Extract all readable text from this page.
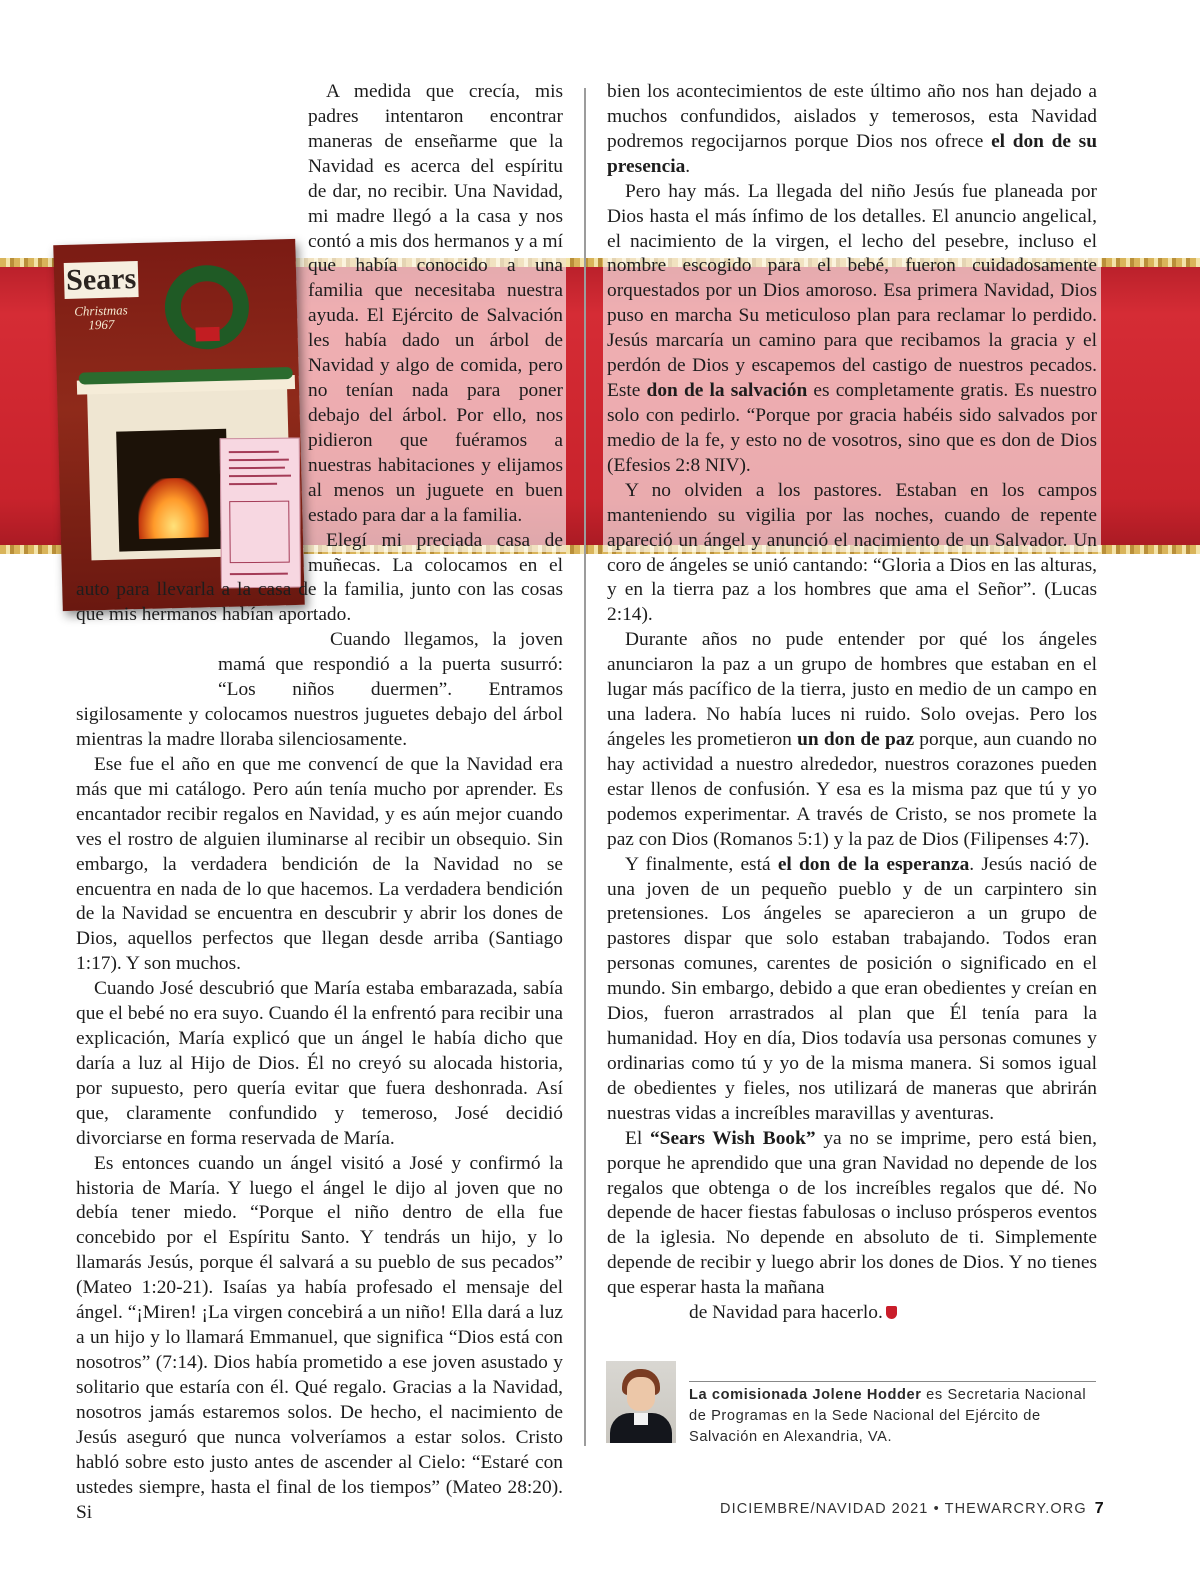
Sears
Christmas 1967

A medida que crecía, mis padres intentaron encontrar maneras de enseñarme que la Navidad es acerca del espíritu de dar, no recibir. Una Navidad, mi madre llegó a la casa y nos contó a mis dos hermanos y a mí que había conocido a una familia que necesitaba nuestra ayuda. El Ejército de Salvación les había dado un árbol de Navidad y algo de comida, pero no tenían nada para poner debajo del árbol. Por ello, nos pidieron que fuéramos a nuestras habitaciones y elijamos al menos un juguete en buen estado para dar a la familia.

Elegí mi preciada casa de muñecas. La colocamos en el auto para llevarla a la casa de la familia, junto con las cosas que mis hermanos habían aportado.

Cuando llegamos, la joven mamá que respondió a la puerta susurró: “Los niños duermen”. Entramos sigilosamente y colocamos nuestros juguetes debajo del árbol mientras la madre lloraba silenciosamente.

Ese fue el año en que me convencí de que la Navidad era más que mi catálogo. Pero aún tenía mucho por aprender. Es encantador recibir regalos en Navidad, y es aún mejor cuando ves el rostro de alguien iluminarse al recibir un obsequio. Sin embargo, la verdadera bendición de la Navidad no se encuentra en nada de lo que hacemos. La verdadera bendición de la Navidad se encuentra en descubrir y abrir los dones de Dios, aquellos perfectos que llegan desde arriba (Santiago 1:17). Y son muchos.

Cuando José descubrió que María estaba embarazada, sabía que el bebé no era suyo. Cuando él la enfrentó para recibir una explicación, María explicó que un ángel le había dicho que daría a luz al Hijo de Dios. Él no creyó su alocada historia, por supuesto, pero quería evitar que fuera deshonrada. Así que, claramente confundido y temeroso, José decidió divorciarse en forma reservada de María.

Es entonces cuando un ángel visitó a José y confirmó la historia de María. Y luego el ángel le dijo al joven que no debía tener miedo. “Porque el niño dentro de ella fue concebido por el Espíritu Santo. Y tendrás un hijo, y lo llamarás Jesús, porque él salvará a su pueblo de sus pecados” (Mateo 1:20-21). Isaías ya había profesado el mensaje del ángel. “¡Miren! ¡La virgen concebirá a un niño! Ella dará a luz a un hijo y lo llamará Emmanuel, que significa “Dios está con nosotros” (7:14). Dios había prometido a ese joven asustado y solitario que estaría con él. Qué regalo. Gracias a la Navidad, nosotros jamás estaremos solos. De hecho, el nacimiento de Jesús aseguró que nunca volveríamos a estar solos. Cristo habló sobre esto justo antes de ascender al Cielo: “Estaré con ustedes siempre, hasta el final de los tiempos” (Mateo 28:20). Si

bien los acontecimientos de este último año nos han dejado a muchos confundidos, aislados y temerosos, esta Navidad podremos regocijarnos porque Dios nos ofrece el don de su presencia.

Pero hay más. La llegada del niño Jesús fue planeada por Dios hasta el más ínfimo de los detalles. El anuncio angelical, el nacimiento de la virgen, el lecho del pesebre, incluso el nombre escogido para el bebé, fueron cuidadosamente orquestados por un Dios amoroso. Esa primera Navidad, Dios puso en marcha Su meticuloso plan para reclamar lo perdido. Jesús marcaría un camino para que recibamos la gracia y el perdón de Dios y escapemos del castigo de nuestros pecados. Este don de la salvación es completamente gratis. Es nuestro solo con pedirlo. “Porque por gracia habéis sido salvados por medio de la fe, y esto no de vosotros, sino que es don de Dios (Efesios 2:8 NIV).

Y no olviden a los pastores. Estaban en los campos manteniendo su vigilia por las noches, cuando de repente apareció un ángel y anunció el nacimiento de un Salvador. Un coro de ángeles se unió cantando: “Gloria a Dios en las alturas, y en la tierra paz a los hombres que ama el Señor”. (Lucas 2:14).

Durante años no pude entender por qué los ángeles anunciaron la paz a un grupo de hombres que estaban en el lugar más pacífico de la tierra, justo en medio de un campo en una ladera. No había luces ni ruido. Solo ovejas. Pero los ángeles les prometieron un don de paz porque, aun cuando no hay actividad a nuestro alrededor, nuestros corazones pueden estar llenos de confusión. Y esa es la misma paz que tú y yo podemos experimentar. A través de Cristo, se nos promete la paz con Dios (Romanos 5:1) y la paz de Dios (Filipenses 4:7).

Y finalmente, está el don de la esperanza. Jesús nació de una joven de un pequeño pueblo y de un carpintero sin pretensiones. Los ángeles se aparecieron a un grupo de pastores dispar que solo estaban trabajando. Todos eran personas comunes, carentes de posición o significado en el mundo. Sin embargo, debido a que eran obedientes y creían en Dios, fueron arrastrados al plan que Él tenía para la humanidad. Hoy en día, Dios todavía usa personas comunes y ordinarias como tú y yo de la misma manera. Si somos igual de obedientes y fieles, nos utilizará de maneras que abrirán nuestras vidas a increíbles maravillas y aventuras.

El “Sears Wish Book” ya no se imprime, pero está bien, porque he aprendido que una gran Navidad no depende de los regalos que obtenga o de los increíbles regalos que dé. No depende de hacer fiestas fabulosas o incluso prósperos eventos de la iglesia. No depende en absoluto de ti. Simplemente depende de recibir y luego abrir los dones de Dios. Y no tienes que esperar hasta la mañana

de Navidad para hacerlo.

La comisionada Jolene Hodder es Secretaria Nacional de Programas en la Sede Nacional del Ejército de Salvación en Alexandria, VA.
DICIEMBRE/NAVIDAD 2021 • THEWARCRY.ORG 7
